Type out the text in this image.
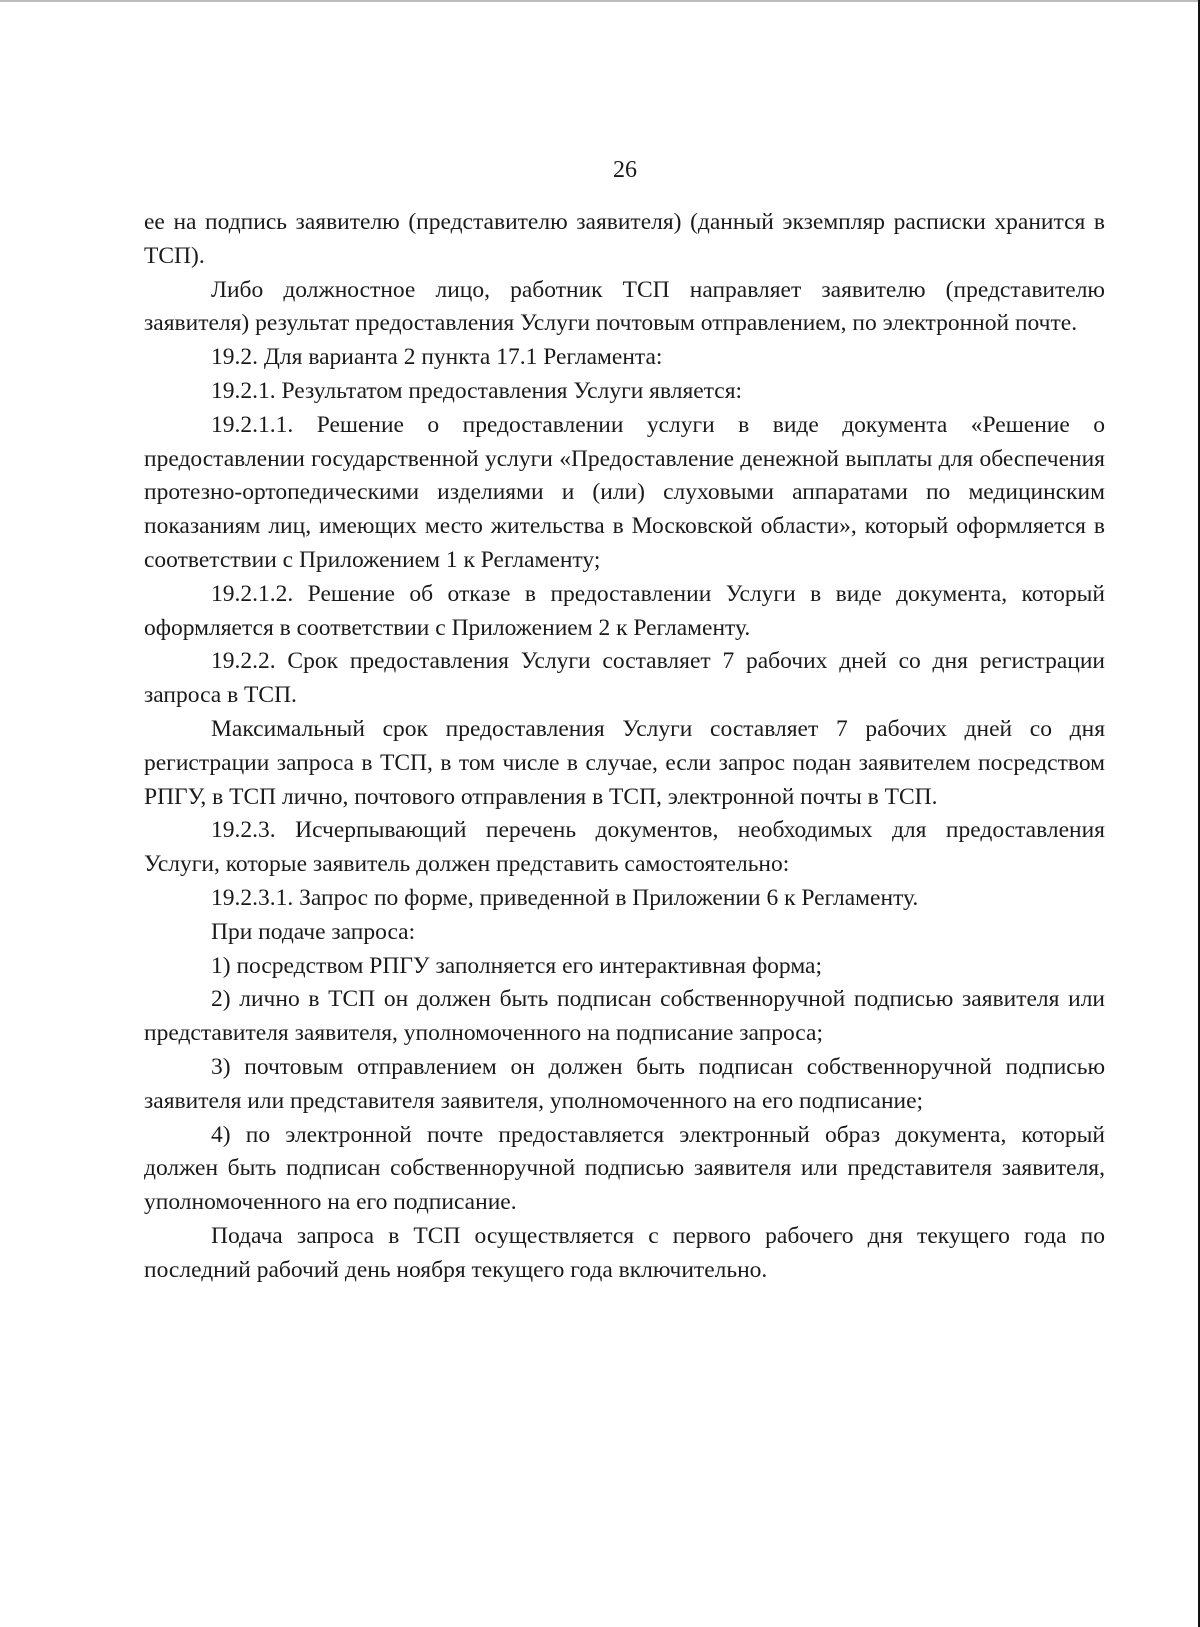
26

ее на подпись заявителю (представителю заявителя) (данный экземпляр расписки хранится в ТСП).

Либо должностное лицо, работник ТСП направляет заявителю (представителю заявителя) результат предоставления Услуги почтовым отправлением, по электронной почте.

19.2. Для варианта 2 пункта 17.1 Регламента:

19.2.1. Результатом предоставления Услуги является:

19.2.1.1. Решение о предоставлении услуги в виде документа «Решение о предоставлении государственной услуги «Предоставление денежной выплаты для обеспечения протезно-ортопедическими изделиями и (или) слуховыми аппаратами по медицинским показаниям лиц, имеющих место жительства в Московской области», который оформляется в соответствии с Приложением 1 к Регламенту;

19.2.1.2. Решение об отказе в предоставлении Услуги в виде документа, который оформляется в соответствии с Приложением 2 к Регламенту.

19.2.2. Срок предоставления Услуги составляет 7 рабочих дней со дня регистрации запроса в ТСП.

Максимальный срок предоставления Услуги составляет 7 рабочих дней со дня регистрации запроса в ТСП, в том числе в случае, если запрос подан заявителем посредством РПГУ, в ТСП лично, почтового отправления в ТСП, электронной почты в ТСП.

19.2.3. Исчерпывающий перечень документов, необходимых для предоставления Услуги, которые заявитель должен представить самостоятельно:

19.2.3.1. Запрос по форме, приведенной в Приложении 6 к Регламенту.

При подаче запроса:

1) посредством РПГУ заполняется его интерактивная форма;

2) лично в ТСП он должен быть подписан собственноручной подписью заявителя или представителя заявителя, уполномоченного на подписание запроса;

3) почтовым отправлением он должен быть подписан собственноручной подписью заявителя или представителя заявителя, уполномоченного на его подписание;

4) по электронной почте предоставляется электронный образ документа, который должен быть подписан собственноручной подписью заявителя или представителя заявителя, уполномоченного на его подписание.

Подача запроса в ТСП осуществляется с первого рабочего дня текущего года по последний рабочий день ноября текущего года включительно.
